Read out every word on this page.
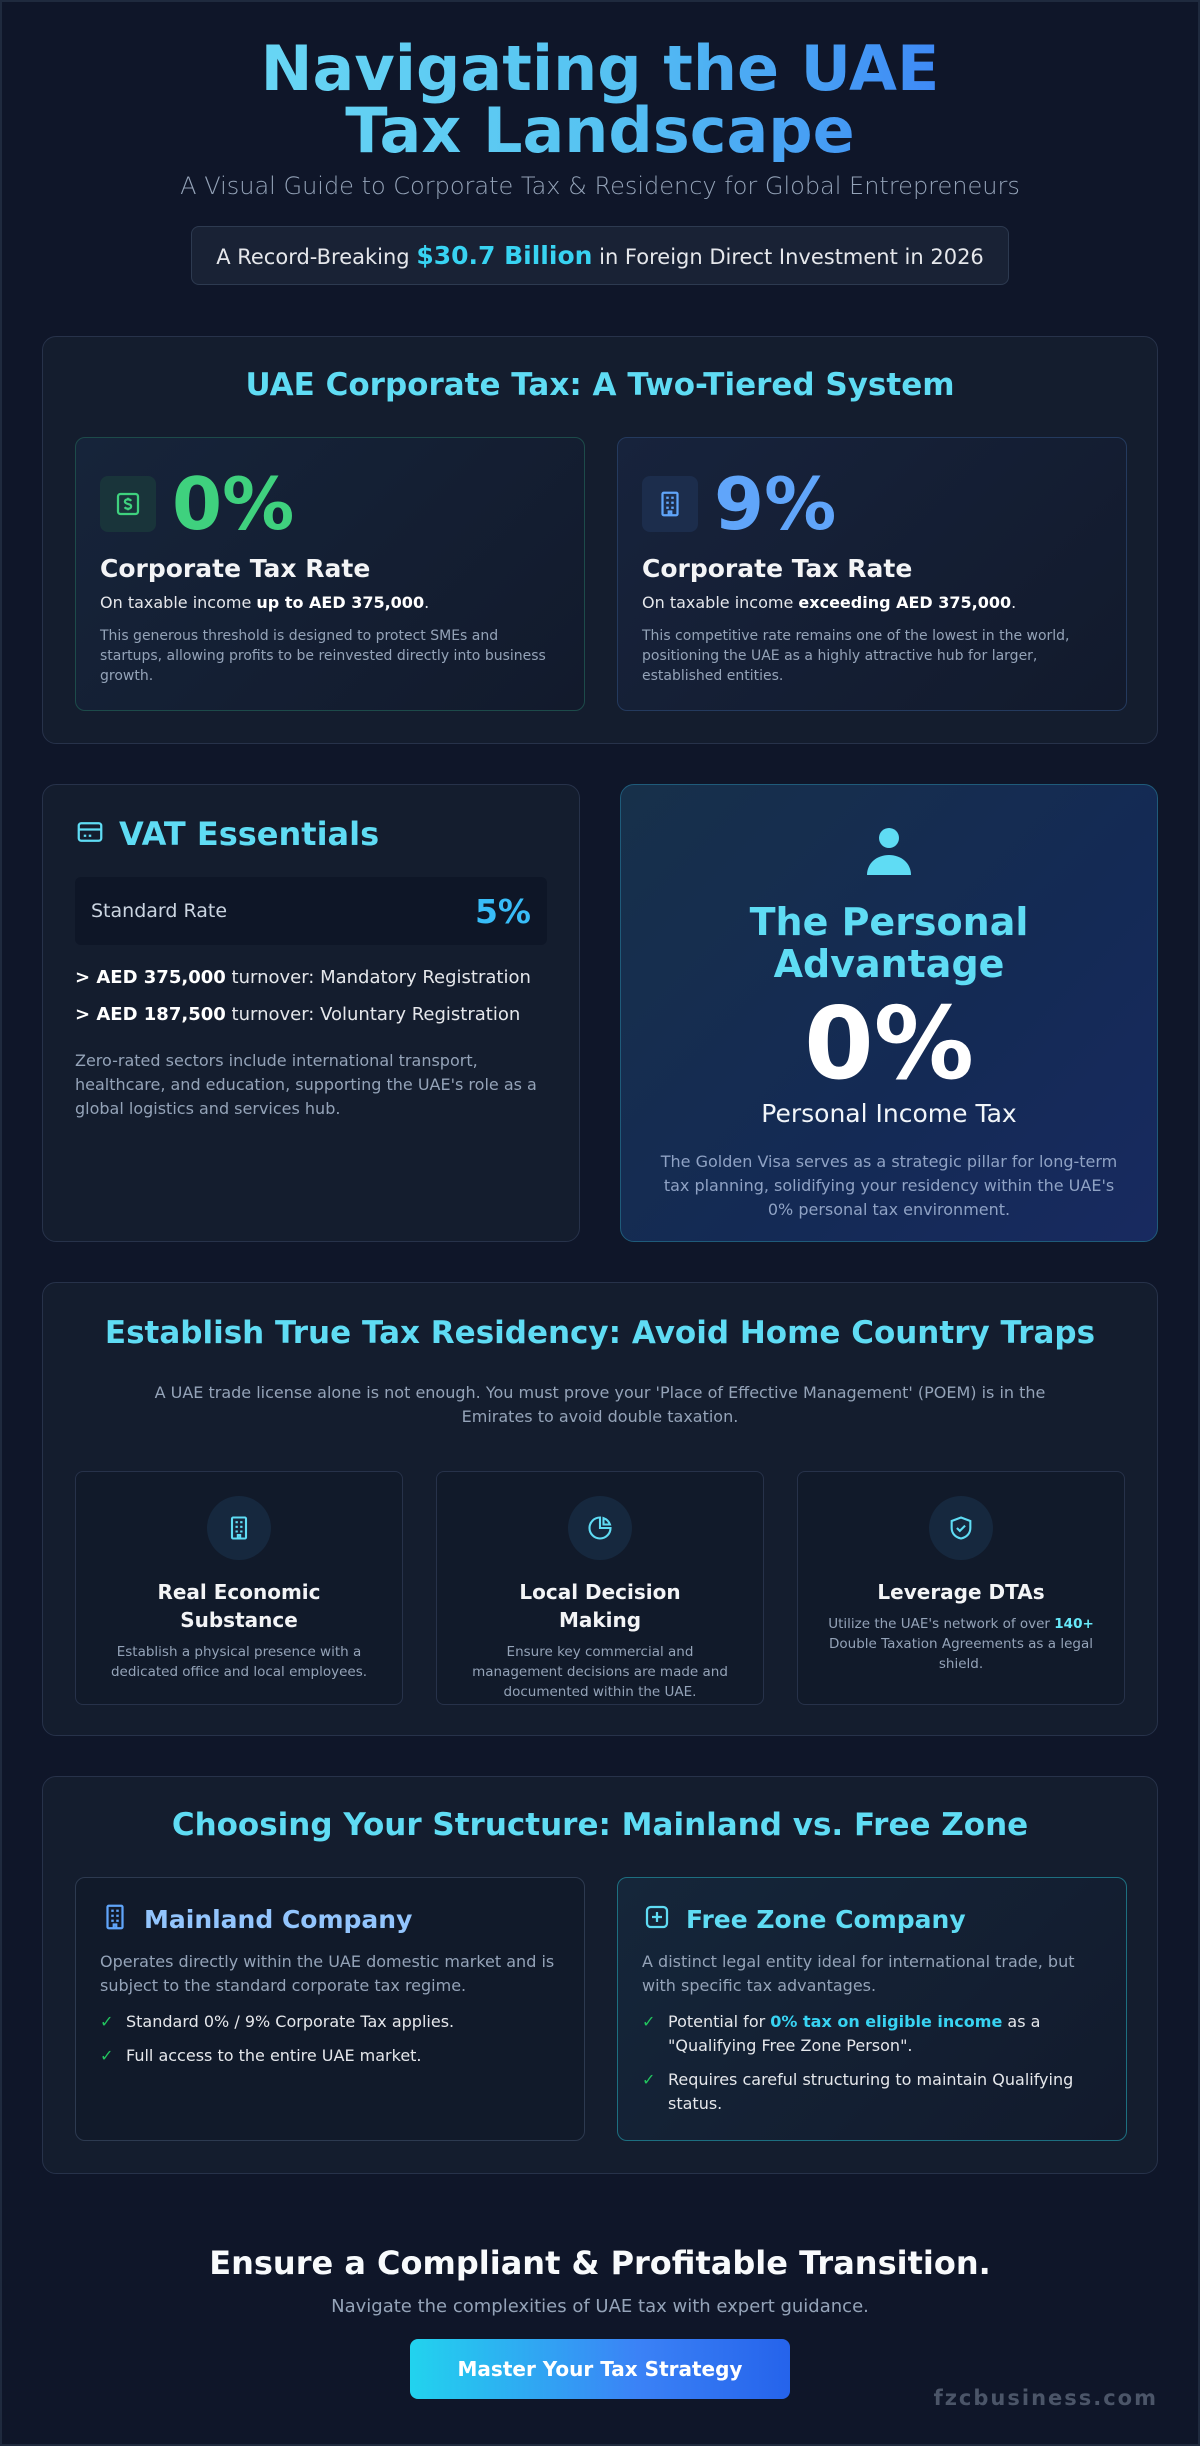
Navigating the UAE Tax Landscape
A Visual Guide to Corporate Tax & Residency for Global Entrepreneurs
A Record-Breaking $30.7 Billion in Foreign Direct Investment in 2026
UAE Corporate Tax: A Two-Tiered System
0%
Corporate Tax Rate
On taxable income up to AED 375,000.
This generous threshold is designed to protect SMEs and startups, allowing profits to be reinvested directly into business growth.
9%
Corporate Tax Rate
On taxable income exceeding AED 375,000.
This competitive rate remains one of the lowest in the world, positioning the UAE as a highly attractive hub for larger, established entities.
VAT Essentials
Standard Rate	5%
> AED 375,000 turnover: Mandatory Registration
> AED 187,500 turnover: Voluntary Registration
Zero-rated sectors include international transport, healthcare, and education, supporting the UAE's role as a global logistics and services hub.
The Personal Advantage
0%
Personal Income Tax
The Golden Visa serves as a strategic pillar for long-term tax planning, solidifying your residency within the UAE's 0% personal tax environment.
Establish True Tax Residency: Avoid Home Country Traps
A UAE trade license alone is not enough. You must prove your 'Place of Effective Management' (POEM) is in the Emirates to avoid double taxation.
Real Economic Substance

Establish a physical presence with a dedicated office and local employees.

Local Decision Making

Ensure key commercial and management decisions are made and documented within the UAE.

Leverage DTAs

Utilize the UAE's network of over 140+ Double Taxation Agreements as a legal shield.

Choosing Your Structure: Mainland vs. Free Zone
Mainland Company
Operates directly within the UAE domestic market and is subject to the standard corporate tax regime.
✓ Standard 0% / 9% Corporate Tax applies.
✓ Full access to the entire UAE market.
Free Zone Company
A distinct legal entity ideal for international trade, but with specific tax advantages.
✓ Potential for 0% tax on eligible income as a "Qualifying Free Zone Person".
✓ Requires careful structuring to maintain Qualifying status.
Ensure a Compliant & Profitable Transition.

Navigate the complexities of UAE tax with expert guidance.

Master Your Tax Strategy
fzcbusiness.com
